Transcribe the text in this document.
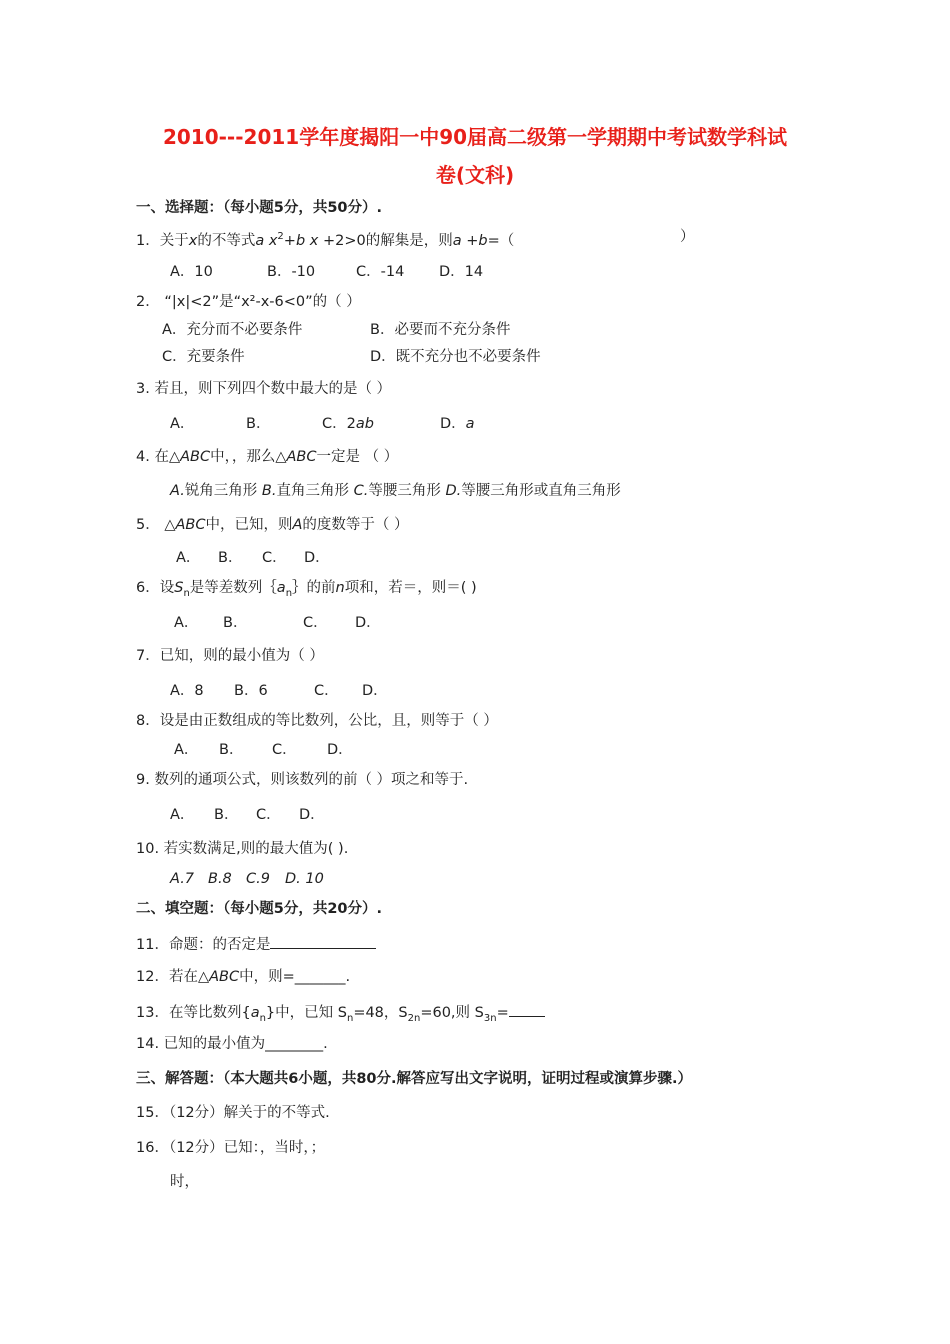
2010---2011学年度揭阳一中90届高二级第一学期期中考试数学科试
卷(文科)
一、选择题：（每小题5分，共50分）.
1．关于x的不等式a $x^2+b$ x +2>0的解集是，则a +b=（	）
A．10	B．-10	C．-14 D．14
2． “|x|<2”是“x²-x-6<0”的（ ）
A．充分而不必要条件	B．必要而不充分条件
C．充要条件	D．既不充分也不必要条件
3. 若且，则下列四个数中最大的是（ ）
A．	B．	C．2ab	D．a
4. 在△ABC中，，那么△ABC一定是 （ ）
A.锐角三角形 B.直角三角形 C.等腰三角形 D.等腰三角形或直角三角形
5． △ABC中，已知，则A的度数等于（ ）
A． B． C． D．
6．设$S_n$是等差数列$\{a_n\}$的前n项和，若＝，则＝( )
A． B．	C． D．
7．已知，则的最小值为（ ）
A．8 B．6	C． D．
8．设是由正数组成的等比数列，公比，且，则等于（ ）
A． B． C． D．
9. 数列的通项公式，则该数列的前（ ）项之和等于.
A． B． C． D．
10. 若实数满足,则的最大值为( ).
A.7 B.8 C.9 D. 10
二、填空题：（每小题5分，共20分）.
11．命题：的否定是
12．若在△ABC中，则=_______.
13．在等比数列$\{a_n\}$中，已知 $S_n=48$，$S_{2n}=60$,则 $S_{3n}=$
14. 已知的最小值为________.
三、解答题：（本大题共6小题，共80分.解答应写出文字说明，证明过程或演算步骤.）
15．（12分）解关于的不等式.
16．（12分）已知：，当时，；
时，
